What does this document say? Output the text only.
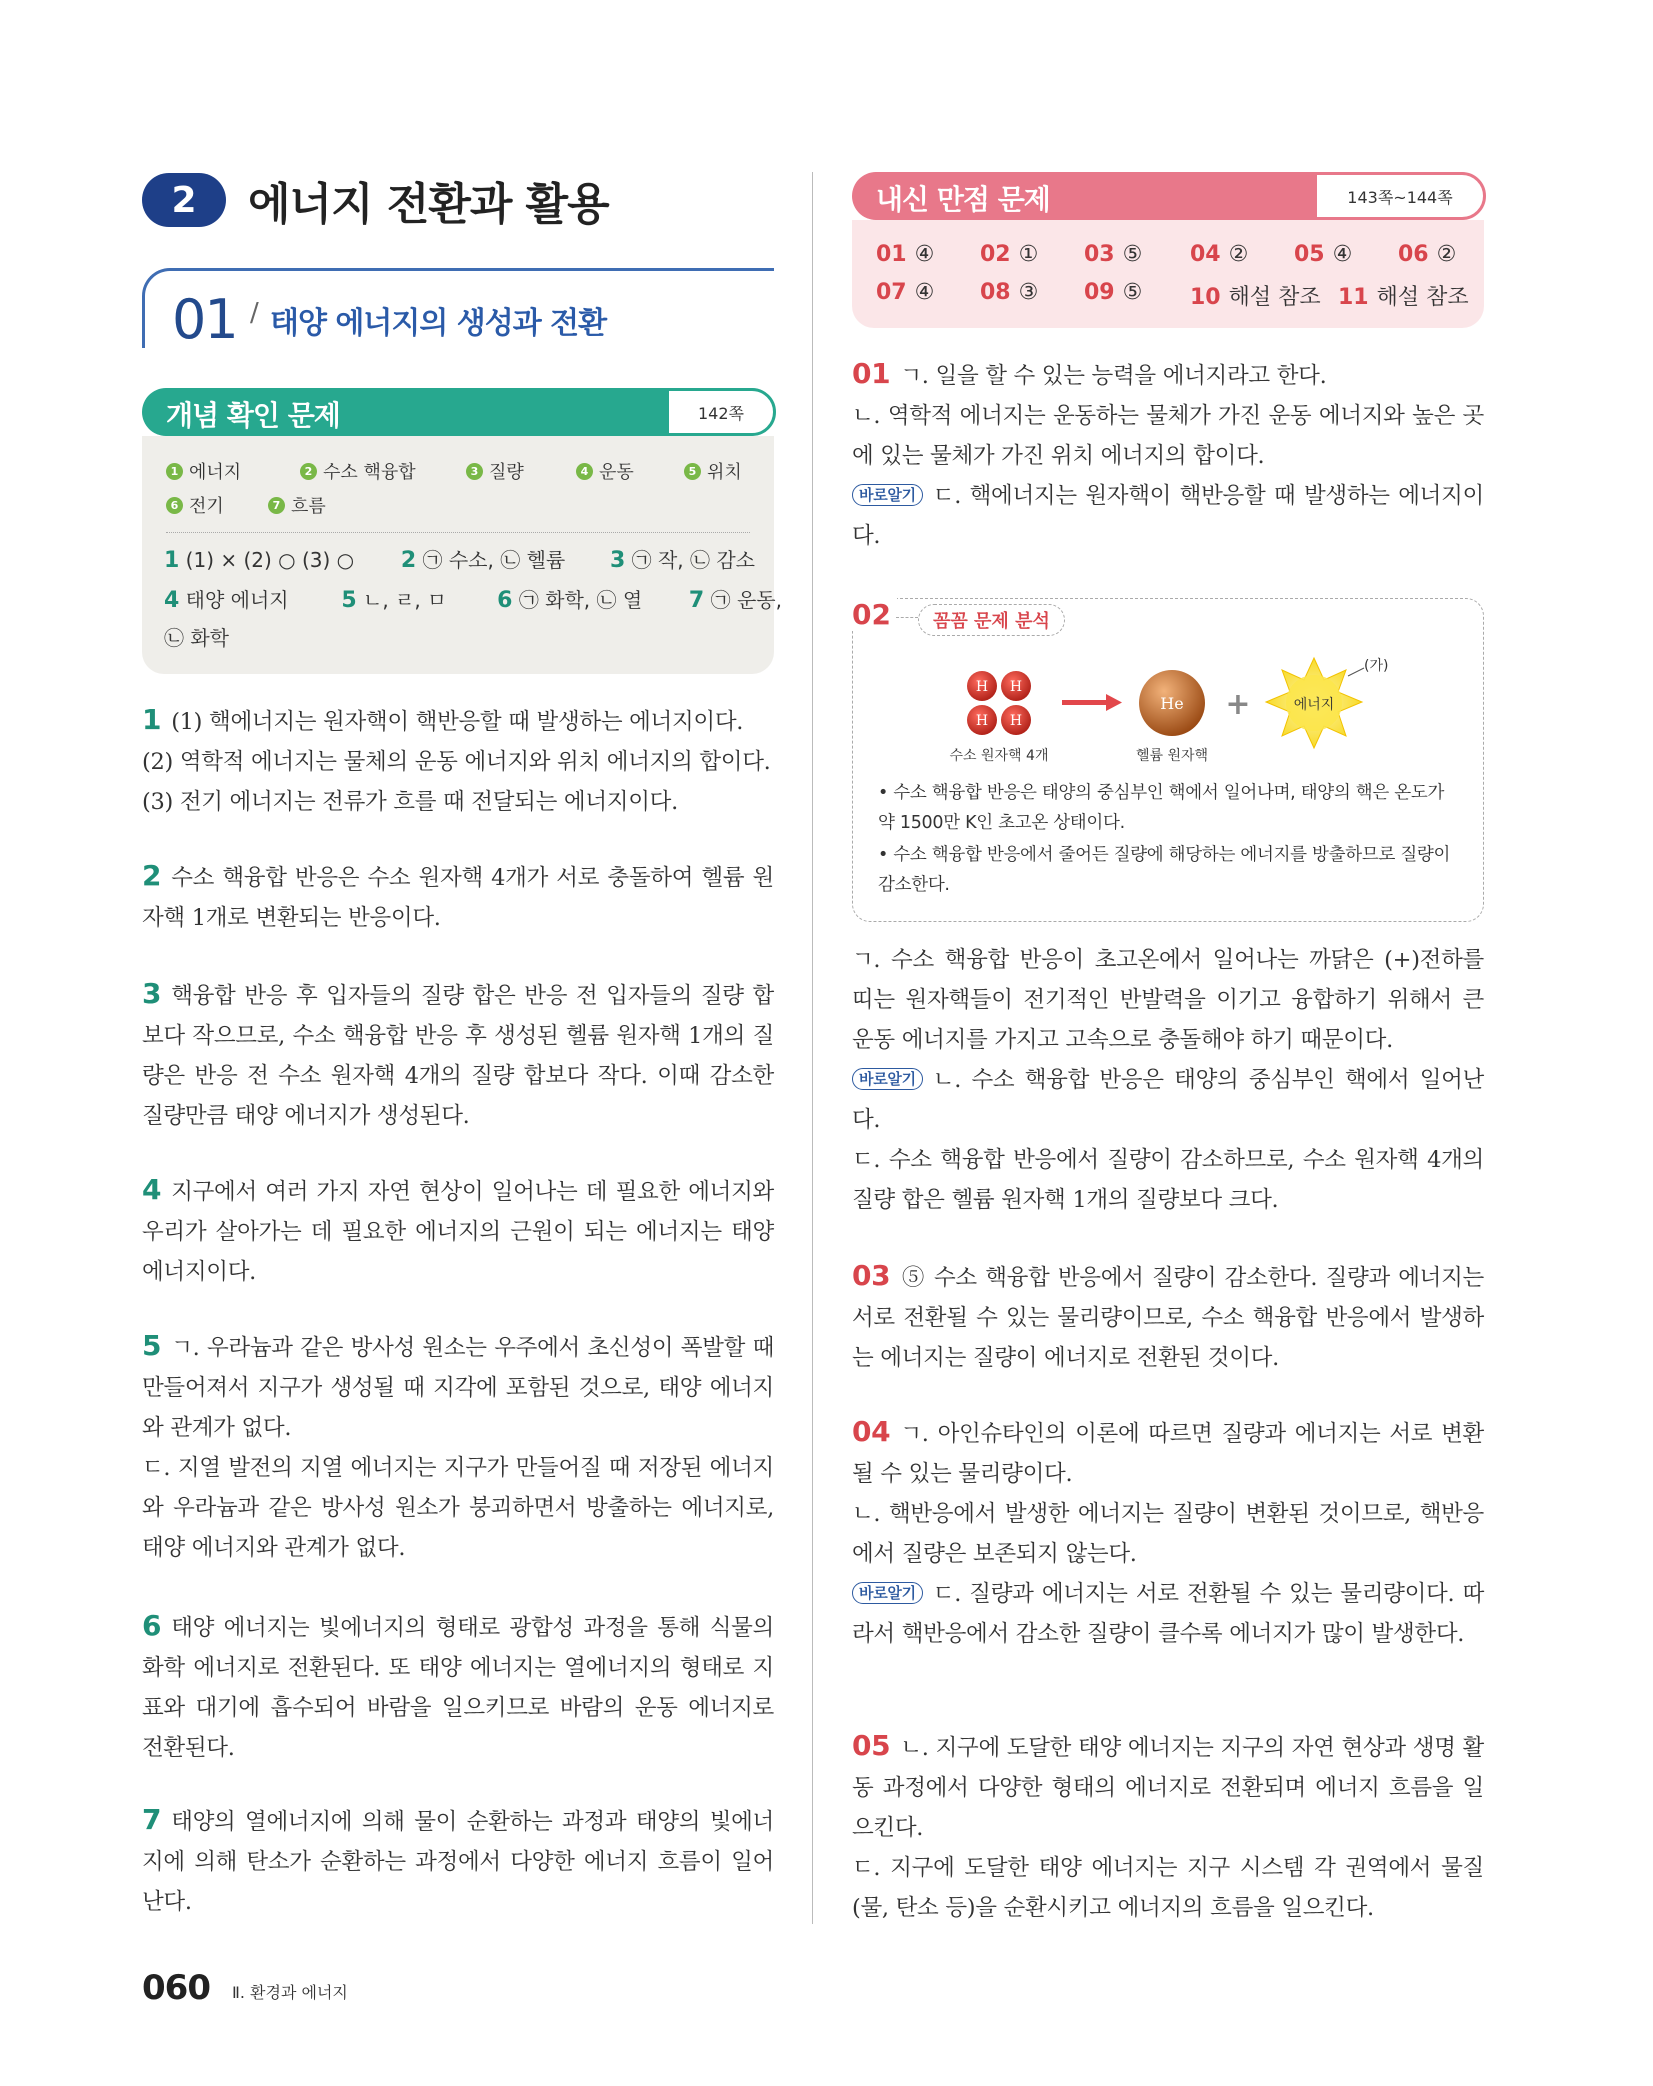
2	에너지 전환과 활용
01 / 태양 에너지의 생성과 전환
개념 확인 문제	142쪽
1 에너지	2 수소 핵융합	3 질량	4 운동	5 위치
6 전기	7 흐름
1 (1) × (2) ○ (3) ○ 2 ㉠ 수소, ㉡ 헬륨 3 ㉠ 작, ㉡ 감소
4 태양 에너지 5 ㄴ, ㄹ, ㅁ 6 ㉠ 화학, ㉡ 열 7 ㉠ 운동,
㉡ 화학
1 (1) 핵에너지는 원자핵이 핵반응할 때 발생하는 에너지이다.
(2) 역학적 에너지는 물체의 운동 에너지와 위치 에너지의 합이다.
(3) 전기 에너지는 전류가 흐를 때 전달되는 에너지이다.
2 수소 핵융합 반응은 수소 원자핵 4개가 서로 충돌하여 헬륨 원자핵 1개로 변환되는 반응이다.
3 핵융합 반응 후 입자들의 질량 합은 반응 전 입자들의 질량 합보다 작으므로, 수소 핵융합 반응 후 생성된 헬륨 원자핵 1개의 질량은 반응 전 수소 원자핵 4개의 질량 합보다 작다. 이때 감소한 질량만큼 태양 에너지가 생성된다.
4 지구에서 여러 가지 자연 현상이 일어나는 데 필요한 에너지와 우리가 살아가는 데 필요한 에너지의 근원이 되는 에너지는 태양 에너지이다.
5 ㄱ. 우라늄과 같은 방사성 원소는 우주에서 초신성이 폭발할 때 만들어져서 지구가 생성될 때 지각에 포함된 것으로, 태양 에너지와 관계가 없다.
ㄷ. 지열 발전의 지열 에너지는 지구가 만들어질 때 저장된 에너지와 우라늄과 같은 방사성 원소가 붕괴하면서 방출하는 에너지로, 태양 에너지와 관계가 없다.
6 태양 에너지는 빛에너지의 형태로 광합성 과정을 통해 식물의 화학 에너지로 전환된다. 또 태양 에너지는 열에너지의 형태로 지표와 대기에 흡수되어 바람을 일으키므로 바람의 운동 에너지로 전환된다.
7 태양의 열에너지에 의해 물이 순환하는 과정과 태양의 빛에너지에 의해 탄소가 순환하는 과정에서 다양한 에너지 흐름이 일어난다.
내신 만점 문제	143쪽~144쪽
01 ④ 02 ① 03 ⑤ 04 ② 05 ④ 06 ②
07 ④ 08 ③ 09 ⑤ 10 해설 참조 11 해설 참조
01 ㄱ. 일을 할 수 있는 능력을 에너지라고 한다.
ㄴ. 역학적 에너지는 운동하는 물체가 가진 운동 에너지와 높은 곳에 있는 물체가 가진 위치 에너지의 합이다.
바로알기 ㄷ. 핵에너지는 원자핵이 핵반응할 때 발생하는 에너지이다.
02	꼼꼼 문제 분석
H H
H H
He +	에너지
(가)
수소 원자핵 4개	헬륨 원자핵
• 수소 핵융합 반응은 태양의 중심부인 핵에서 일어나며, 태양의 핵은 온도가 약 1500만 K인 초고온 상태이다.
• 수소 핵융합 반응에서 줄어든 질량에 해당하는 에너지를 방출하므로 질량이 감소한다.
ㄱ. 수소 핵융합 반응이 초고온에서 일어나는 까닭은 (+)전하를 띠는 원자핵들이 전기적인 반발력을 이기고 융합하기 위해서 큰 운동 에너지를 가지고 고속으로 충돌해야 하기 때문이다.
바로알기 ㄴ. 수소 핵융합 반응은 태양의 중심부인 핵에서 일어난다.
ㄷ. 수소 핵융합 반응에서 질량이 감소하므로, 수소 원자핵 4개의 질량 합은 헬륨 원자핵 1개의 질량보다 크다.
03 ⑤ 수소 핵융합 반응에서 질량이 감소한다. 질량과 에너지는 서로 전환될 수 있는 물리량이므로, 수소 핵융합 반응에서 발생하는 에너지는 질량이 에너지로 전환된 것이다.
04 ㄱ. 아인슈타인의 이론에 따르면 질량과 에너지는 서로 변환될 수 있는 물리량이다.
ㄴ. 핵반응에서 발생한 에너지는 질량이 변환된 것이므로, 핵반응에서 질량은 보존되지 않는다.
바로알기 ㄷ. 질량과 에너지는 서로 전환될 수 있는 물리량이다. 따라서 핵반응에서 감소한 질량이 클수록 에너지가 많이 발생한다.
05 ㄴ. 지구에 도달한 태양 에너지는 지구의 자연 현상과 생명 활동 과정에서 다양한 형태의 에너지로 전환되며 에너지 흐름을 일으킨다.
ㄷ. 지구에 도달한 태양 에너지는 지구 시스템 각 권역에서 물질(물, 탄소 등)을 순환시키고 에너지의 흐름을 일으킨다.
060 Ⅱ. 환경과 에너지
